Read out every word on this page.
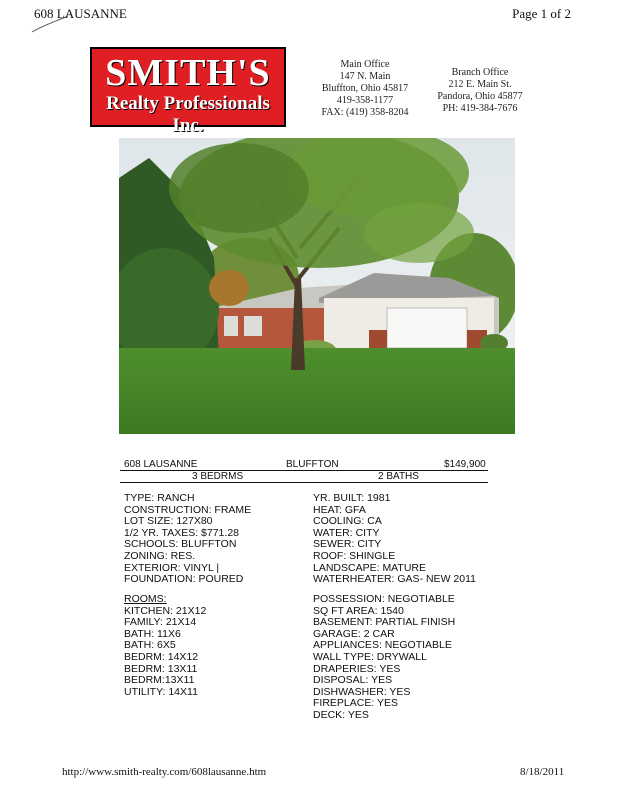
608 LAUSANNE	Page 1 of 2
SMITH'S
Realty Professionals Inc.
Main Office
147 N. Main
Bluffton, Ohio 45817
419-358-1177
FAX: (419) 358-8204
Branch Office
212 E. Main St.
Pandora, Ohio 45877
PH: 419-384-7676
608 LAUSANNE	BLUFFTON	$149,900
3 BEDRMS	2 BATHS
TYPE: RANCH
CONSTRUCTION: FRAME
LOT SIZE: 127X80
1/2 YR. TAXES: $771.28
SCHOOLS: BLUFFTON
ZONING: RES.
EXTERIOR: VINYL |
FOUNDATION: POURED
YR. BUILT: 1981
HEAT: GFA
COOLING: CA
WATER: CITY
SEWER: CITY
ROOF: SHINGLE
LANDSCAPE: MATURE
WATERHEATER: GAS- NEW 2011
ROOMS:
KITCHEN: 21X12
FAMILY: 21X14
BATH: 11X6
BATH: 6X5
BEDRM: 14X12
BEDRM: 13X11
BEDRM:13X11
UTILITY: 14X11
POSSESSION: NEGOTIABLE
SQ FT AREA: 1540
BASEMENT: PARTIAL FINISH
GARAGE: 2 CAR
APPLIANCES: NEGOTIABLE
WALL TYPE: DRYWALL
DRAPERIES: YES
DISPOSAL: YES
DISHWASHER: YES
FIREPLACE: YES
DECK: YES
http://www.smith-realty.com/608lausanne.htm	8/18/2011
